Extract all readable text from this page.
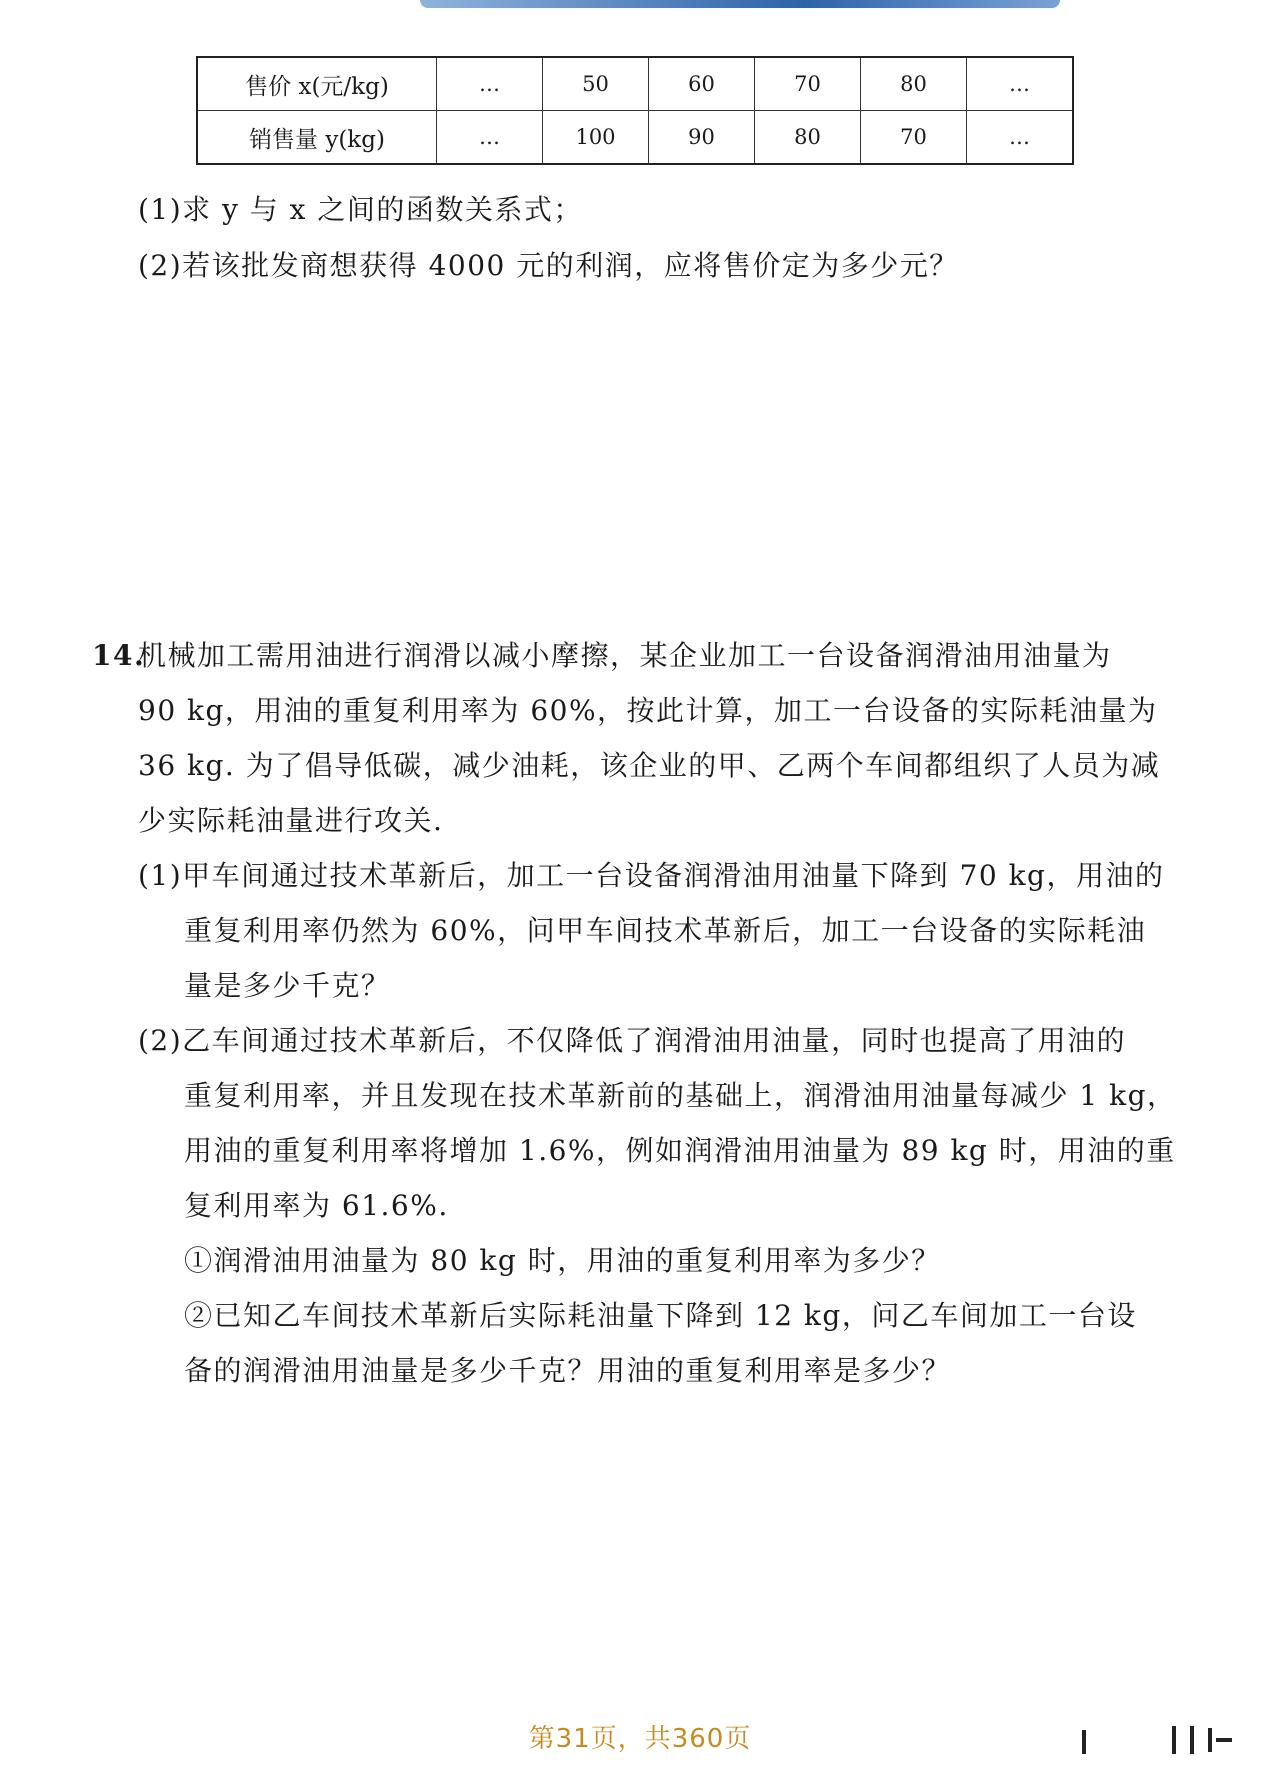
售价 x(元/kg)	…	50	60	70	80	…
销售量 y(kg)	…	100	90	80	70	…
(1)求 y 与 x 之间的函数关系式；
(2)若该批发商想获得 4000 元的利润，应将售价定为多少元？
14.
机械加工需用油进行润滑以减小摩擦，某企业加工一台设备润滑油用油量为
90 kg，用油的重复利用率为 60%，按此计算，加工一台设备的实际耗油量为
36 kg. 为了倡导低碳，减少油耗，该企业的甲、乙两个车间都组织了人员为减
少实际耗油量进行攻关.
(1)甲车间通过技术革新后，加工一台设备润滑油用油量下降到 70 kg，用油的
重复利用率仍然为 60%，问甲车间技术革新后，加工一台设备的实际耗油
量是多少千克？
(2)乙车间通过技术革新后，不仅降低了润滑油用油量，同时也提高了用油的
重复利用率，并且发现在技术革新前的基础上，润滑油用油量每减少 1 kg，
用油的重复利用率将增加 1.6%，例如润滑油用油量为 89 kg 时，用油的重
复利用率为 61.6%.
①润滑油用油量为 80 kg 时，用油的重复利用率为多少？
②已知乙车间技术革新后实际耗油量下降到 12 kg，问乙车间加工一台设
备的润滑油用油量是多少千克？用油的重复利用率是多少？
第31页，共360页
